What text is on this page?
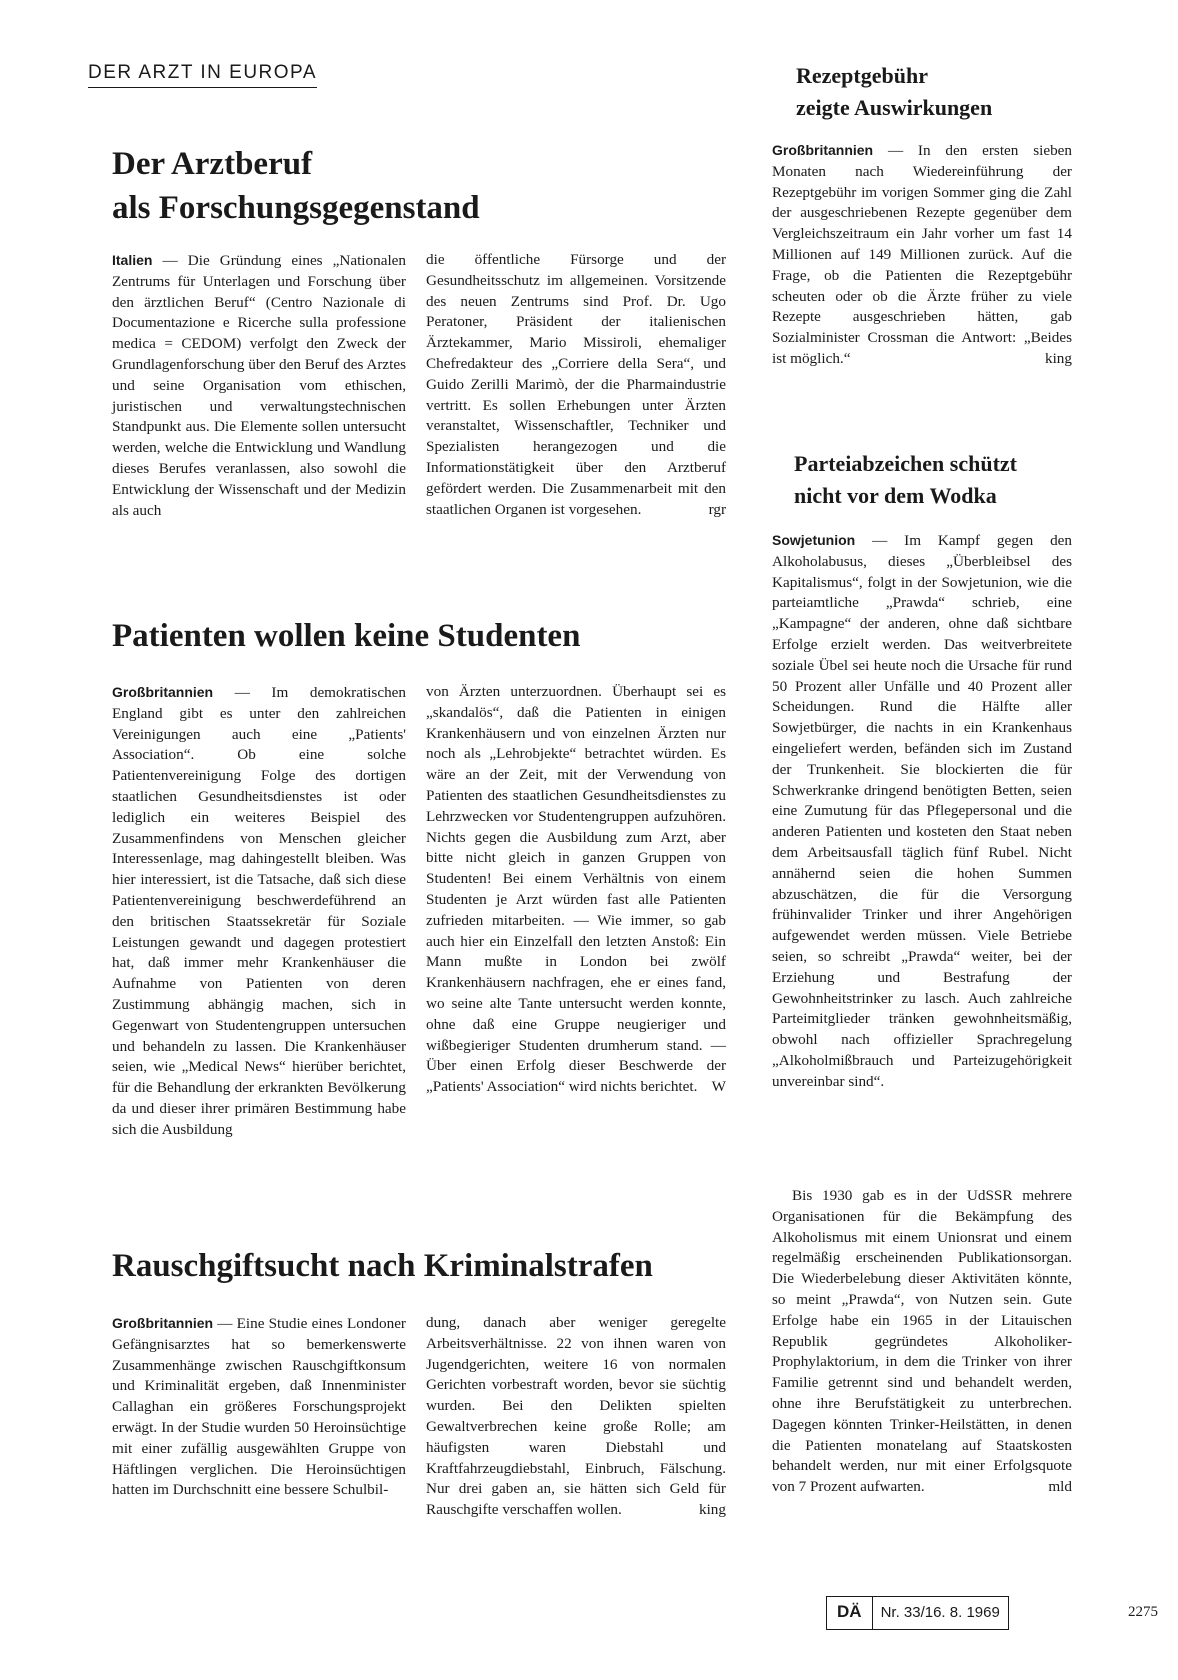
DER ARZT IN EUROPA
Der Arztberuf
als Forschungsgegenstand
Italien — Die Gründung eines „Nationalen Zentrums für Unterlagen und Forschung über den ärztlichen Beruf“ (Centro Nazionale di Documentazione e Ricerche sulla professione medica = CEDOM) verfolgt den Zweck der Grundlagenforschung über den Beruf des Arztes und seine Organisation vom ethischen, juristischen und verwaltungstechnischen Standpunkt aus. Die Elemente sollen untersucht werden, welche die Entwicklung und Wandlung dieses Berufes veranlassen, also sowohl die Entwicklung der Wissenschaft und der Medizin als auch
die öffentliche Fürsorge und der Gesundheitsschutz im allgemeinen. Vorsitzende des neuen Zentrums sind Prof. Dr. Ugo Peratoner, Präsident der italienischen Ärztekammer, Mario Missiroli, ehemaliger Chefredakteur des „Corriere della Sera“, und Guido Zerilli Marimò, der die Pharmaindustrie vertritt. Es sollen Erhebungen unter Ärzten veranstaltet, Wissenschaftler, Techniker und Spezialisten herangezogen und die Informationstätigkeit über den Arztberuf gefördert werden. Die Zusammenarbeit mit den staatlichen Organen ist vorgesehen.	rgr
Patienten wollen keine Studenten
Großbritannien — Im demokratischen England gibt es unter den zahlreichen Vereinigungen auch eine „Patients' Association“. Ob eine solche Patientenvereinigung Folge des dortigen staatlichen Gesundheitsdienstes ist oder lediglich ein weiteres Beispiel des Zusammenfindens von Menschen gleicher Interessenlage, mag dahingestellt bleiben. Was hier interessiert, ist die Tatsache, daß sich diese Patientenvereinigung beschwerdeführend an den britischen Staatssekretär für Soziale Leistungen gewandt und dagegen protestiert hat, daß immer mehr Krankenhäuser die Aufnahme von Patienten von deren Zustimmung abhängig machen, sich in Gegenwart von Studentengruppen untersuchen und behandeln zu lassen. Die Krankenhäuser seien, wie „Medical News“ hierüber berichtet, für die Behandlung der erkrankten Bevölkerung da und dieser ihrer primären Bestimmung habe sich die Ausbildung
von Ärzten unterzuordnen. Überhaupt sei es „skandalös“, daß die Patienten in einigen Krankenhäusern und von einzelnen Ärzten nur noch als „Lehrobjekte“ betrachtet würden. Es wäre an der Zeit, mit der Verwendung von Patienten des staatlichen Gesundheitsdienstes zu Lehrzwecken vor Studentengruppen aufzuhören. Nichts gegen die Ausbildung zum Arzt, aber bitte nicht gleich in ganzen Gruppen von Studenten! Bei einem Verhältnis von einem Studenten je Arzt würden fast alle Patienten zufrieden mitarbeiten. — Wie immer, so gab auch hier ein Einzelfall den letzten Anstoß: Ein Mann mußte in London bei zwölf Krankenhäusern nachfragen, ehe er eines fand, wo seine alte Tante untersucht werden konnte, ohne daß eine Gruppe neugieriger und wißbegieriger Studenten drumherum stand. — Über einen Erfolg dieser Beschwerde der „Patients' Association“ wird nichts berichtet. W
Rauschgiftsucht nach Kriminalstrafen
Großbritannien — Eine Studie eines Londoner Gefängnisarztes hat so bemerkenswerte Zusammenhänge zwischen Rauschgiftkonsum und Kriminalität ergeben, daß Innenminister Callaghan ein größeres Forschungsprojekt erwägt. In der Studie wurden 50 Heroinsüchtige mit einer zufällig ausgewählten Gruppe von Häftlingen verglichen. Die Heroinsüchtigen hatten im Durchschnitt eine bessere Schulbil-
dung, danach aber weniger geregelte Arbeitsverhältnisse. 22 von ihnen waren von Jugendgerichten, weitere 16 von normalen Gerichten vorbestraft worden, bevor sie süchtig wurden. Bei den Delikten spielten Gewaltverbrechen keine große Rolle; am häufigsten waren Diebstahl und Kraftfahrzeugdiebstahl, Einbruch, Fälschung. Nur drei gaben an, sie hätten sich Geld für Rauschgifte verschaffen wollen.	king
Rezeptgebühr
zeigte Auswirkungen
Großbritannien — In den ersten sieben Monaten nach Wiedereinführung der Rezeptgebühr im vorigen Sommer ging die Zahl der ausgeschriebenen Rezepte gegenüber dem Vergleichszeitraum ein Jahr vorher um fast 14 Millionen auf 149 Millionen zurück. Auf die Frage, ob die Patienten die Rezeptgebühr scheuten oder ob die Ärzte früher zu viele Rezepte ausgeschrieben hätten, gab Sozialminister Crossman die Antwort: „Beides ist möglich.“	king
Parteiabzeichen schützt
nicht vor dem Wodka
Sowjetunion — Im Kampf gegen den Alkoholabusus, dieses „Überbleibsel des Kapitalismus“, folgt in der Sowjetunion, wie die parteiamtliche „Prawda“ schrieb, eine „Kampagne“ der anderen, ohne daß sichtbare Erfolge erzielt werden. Das weitverbreitete soziale Übel sei heute noch die Ursache für rund 50 Prozent aller Unfälle und 40 Prozent aller Scheidungen. Rund die Hälfte aller Sowjetbürger, die nachts in ein Krankenhaus eingeliefert werden, befänden sich im Zustand der Trunkenheit. Sie blockierten die für Schwerkranke dringend benötigten Betten, seien eine Zumutung für das Pflegepersonal und die anderen Patienten und kosteten den Staat neben dem Arbeitsausfall täglich fünf Rubel. Nicht annähernd seien die hohen Summen abzuschätzen, die für die Versorgung frühinvalider Trinker und ihrer Angehörigen aufgewendet werden müssen. Viele Betriebe seien, so schreibt „Prawda“ weiter, bei der Erziehung und Bestrafung der Gewohnheitstrinker zu lasch. Auch zahlreiche Parteimitglieder tränken gewohnheitsmäßig, obwohl nach offizieller Sprachregelung „Alkoholmißbrauch und Parteizugehörigkeit unvereinbar sind“.
Bis 1930 gab es in der UdSSR mehrere Organisationen für die Bekämpfung des Alkoholismus mit einem Unionsrat und einem regelmäßig erscheinenden Publikationsorgan. Die Wiederbelebung dieser Aktivitäten könnte, so meint „Prawda“, von Nutzen sein. Gute Erfolge habe ein 1965 in der Litauischen Republik gegründetes Alkoholiker-Prophylaktorium, in dem die Trinker von ihrer Familie getrennt sind und behandelt werden, ohne ihre Berufstätigkeit zu unterbrechen. Dagegen könnten Trinker-Heilstätten, in denen die Patienten monatelang auf Staatskosten behandelt werden, nur mit einer Erfolgsquote von 7 Prozent aufwarten.	mld
DÄ	Nr. 33/16. 8. 1969	2275
